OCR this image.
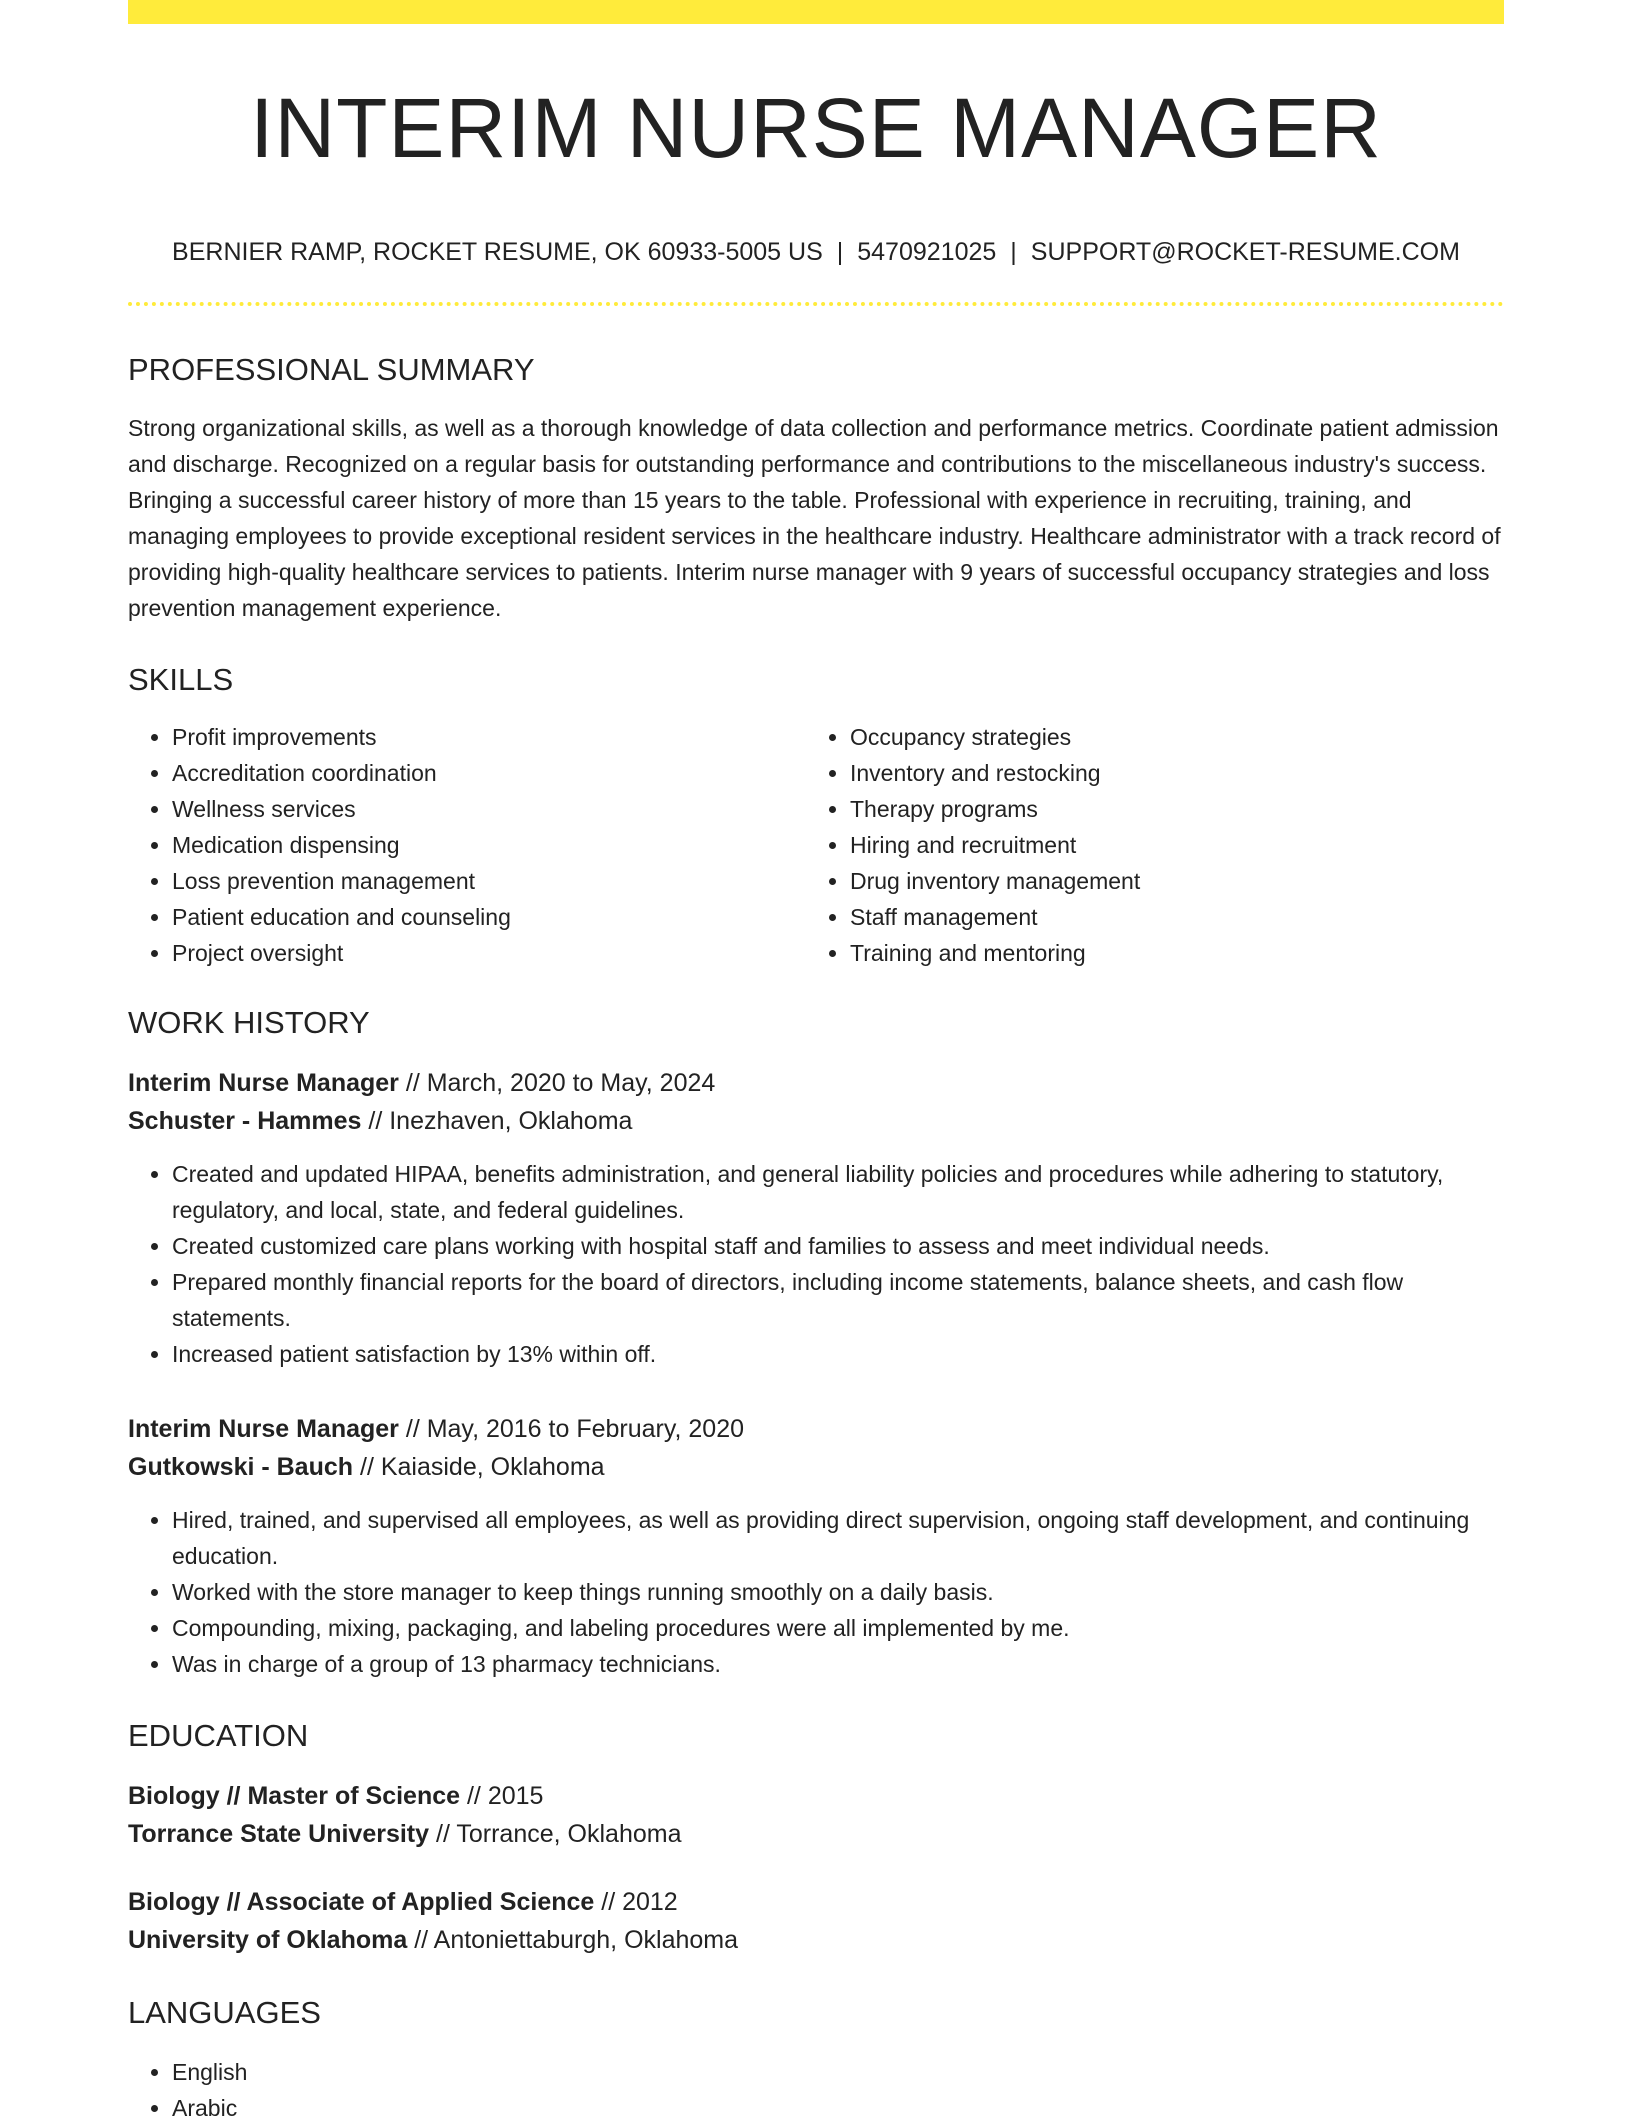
INTERIM NURSE MANAGER
BERNIER RAMP, ROCKET RESUME, OK 60933-5005 US | 5470921025 | SUPPORT@ROCKET-RESUME.COM
PROFESSIONAL SUMMARY

Strong organizational skills, as well as a thorough knowledge of data collection and performance metrics. Coordinate patient admission and discharge. Recognized on a regular basis for outstanding performance and contributions to the miscellaneous industry's success. Bringing a successful career history of more than 15 years to the table. Professional with experience in recruiting, training, and managing employees to provide exceptional resident services in the healthcare industry. Healthcare administrator with a track record of providing high-quality healthcare services to patients. Interim nurse manager with 9 years of successful occupancy strategies and loss prevention management experience.

SKILLS
• Profit improvements
• Accreditation coordination
• Wellness services
• Medication dispensing
• Loss prevention management
• Patient education and counseling
• Project oversight
• Occupancy strategies
• Inventory and restocking
• Therapy programs
• Hiring and recruitment
• Drug inventory management
• Staff management
• Training and mentoring
WORK HISTORY
Interim Nurse Manager // March, 2020 to May, 2024
Schuster - Hammes // Inezhaven, Oklahoma
• Created and updated HIPAA, benefits administration, and general liability policies and procedures while adhering to statutory, regulatory, and local, state, and federal guidelines.
• Created customized care plans working with hospital staff and families to assess and meet individual needs.
• Prepared monthly financial reports for the board of directors, including income statements, balance sheets, and cash flow statements.
• Increased patient satisfaction by 13% within off.
Interim Nurse Manager // May, 2016 to February, 2020
Gutkowski - Bauch // Kaiaside, Oklahoma
• Hired, trained, and supervised all employees, as well as providing direct supervision, ongoing staff development, and continuing education.
• Worked with the store manager to keep things running smoothly on a daily basis.
• Compounding, mixing, packaging, and labeling procedures were all implemented by me.
• Was in charge of a group of 13 pharmacy technicians.
EDUCATION
Biology // Master of Science // 2015
Torrance State University // Torrance, Oklahoma
Biology // Associate of Applied Science // 2012
University of Oklahoma // Antoniettaburgh, Oklahoma
LANGUAGES
• English
• Arabic
